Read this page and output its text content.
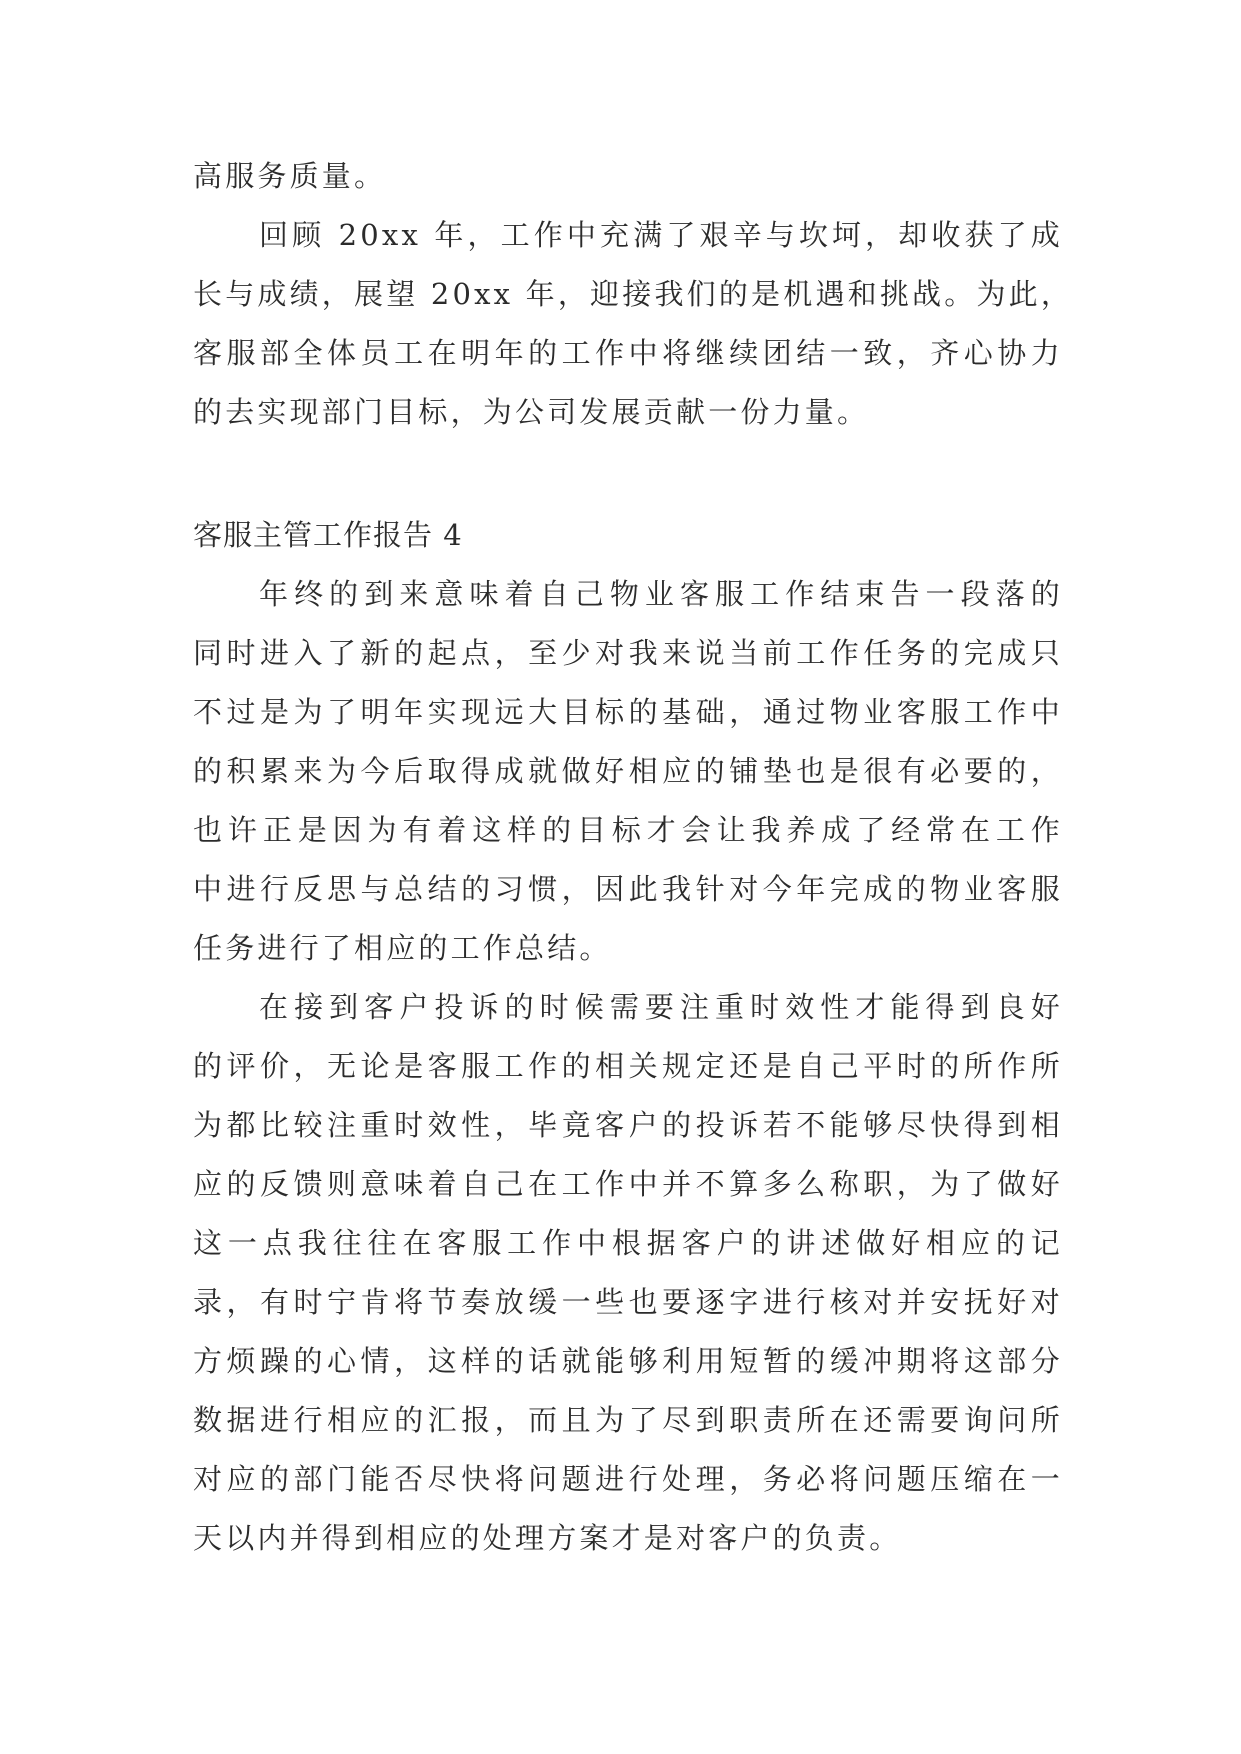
高服务质量。
回顾 20xx 年，工作中充满了艰辛与坎坷，却收获了成
长与成绩，展望 20xx 年，迎接我们的是机遇和挑战。为此，
客服部全体员工在明年的工作中将继续团结一致，齐心协力
的去实现部门目标，为公司发展贡献一份力量。
客服主管工作报告 4
年终的到来意味着自己物业客服工作结束告一段落的
同时进入了新的起点，至少对我来说当前工作任务的完成只
不过是为了明年实现远大目标的基础，通过物业客服工作中
的积累来为今后取得成就做好相应的铺垫也是很有必要的，
也许正是因为有着这样的目标才会让我养成了经常在工作
中进行反思与总结的习惯，因此我针对今年完成的物业客服
任务进行了相应的工作总结。
在接到客户投诉的时候需要注重时效性才能得到良好
的评价，无论是客服工作的相关规定还是自己平时的所作所
为都比较注重时效性，毕竟客户的投诉若不能够尽快得到相
应的反馈则意味着自己在工作中并不算多么称职，为了做好
这一点我往往在客服工作中根据客户的讲述做好相应的记
录，有时宁肯将节奏放缓一些也要逐字进行核对并安抚好对
方烦躁的心情，这样的话就能够利用短暂的缓冲期将这部分
数据进行相应的汇报，而且为了尽到职责所在还需要询问所
对应的部门能否尽快将问题进行处理，务必将问题压缩在一
天以内并得到相应的处理方案才是对客户的负责。
